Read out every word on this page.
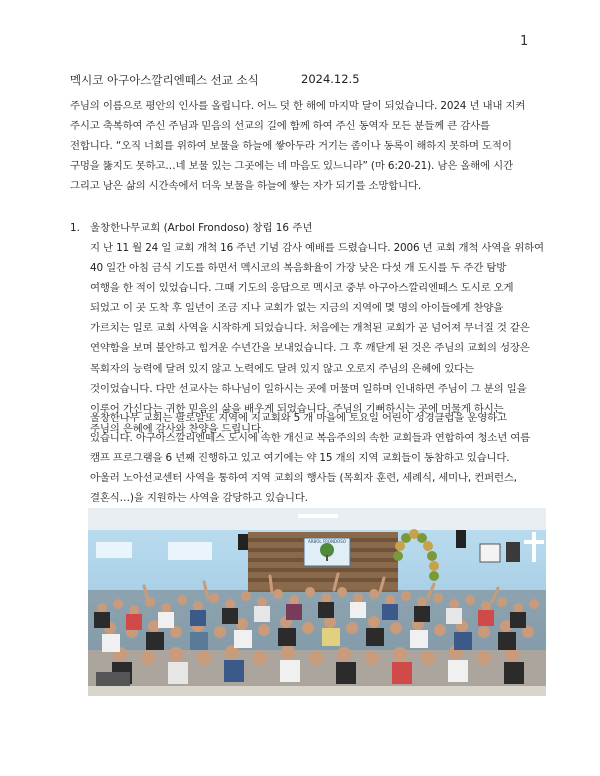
1
멕시코 아구아스깔리엔떼스 선교 소식	2024.12.5
주님의 이름으로 평안의 인사를 올립니다. 어느 덧 한 해에 마지막 달이 되었습니다. 2024 년 내내 지켜
주시고 축복하여 주신 주님과 믿음의 선교의 길에 함께 하여 주신 동역자 모든 분들께 큰 감사를
전합니다. “오직 너희를 위하여 보물을 하늘에 쌓아두라 거기는 좀이나 동록이 해하지 못하며 도적이
구멍을 뚫지도 못하고…네 보물 있는 그곳에는 네 마음도 있느니라” (마 6:20-21). 남은 올해에 시간
그리고 남은 삶의 시간속에서 더욱 보물을 하늘에 쌓는 자가 되기를 소망합니다.
1. 울창한나무교회 (Arbol Frondoso) 창립 16 주년
지 난 11 월 24 일 교회 개척 16 주년 기념 감사 예배를 드렸습니다. 2006 년 교회 개척 사역을 위하여
40 일간 아침 금식 기도를 하면서 멕시코의 복음화율이 가장 낮은 다섯 개 도시를 두 주간 탐방
여행을 한 적이 있었습니다. 그때 기도의 응답으로 멕시코 중부 아구아스깔리엔떼스 도시로 오게
되었고 이 곳 도착 후 일년이 조금 지나 교회가 없는 지금의 지역에 몇 명의 아이들에게 찬양을
가르치는 일로 교회 사역을 시작하게 되었습니다. 처음에는 개척된 교회가 곧 넘어져 무너질 것 같은
연약함을 보며 불안하고 힘겨운 수년간을 보내었습니다. 그 후 깨닫게 된 것은 주님의 교회의 성장은
목회자의 능력에 달려 있지 않고 노력에도 달려 있지 않고 오로지 주님의 은혜에 있다는
것이었습니다. 다만 선교사는 하나님이 일하시는 곳에 머물며 일하며 인내하면 주님이 그 분의 일을
이루어 가신다는 귀한 믿음의 삶을 배우게 되었습니다. 주님의 기뻐하시는 곳에 머물게 하시는
주님의 은혜에 감사와 찬양을 드립니다.
울창한나무 교회는 팔로알또 지역에 지교회와 5 개 마을에 토요일 어린이 성경클럽을 운영하고
있습니다. 아구아스깔리엔떼스 도시에 속한 개신교 복음주의의 속한 교회들과 연합하여 청소년 여름
캠프 프로그램을 6 년째 진행하고 있고 여기에는 약 15 개의 지역 교회들이 동참하고 있습니다.
아울러 노아선교센터 사역을 통하여 지역 교회의 행사들 (목회자 훈련, 세례식, 세미나, 컨퍼런스,
결혼식…)을 지원하는 사역을 감당하고 있습니다.
ARBOL FRONDOSO
